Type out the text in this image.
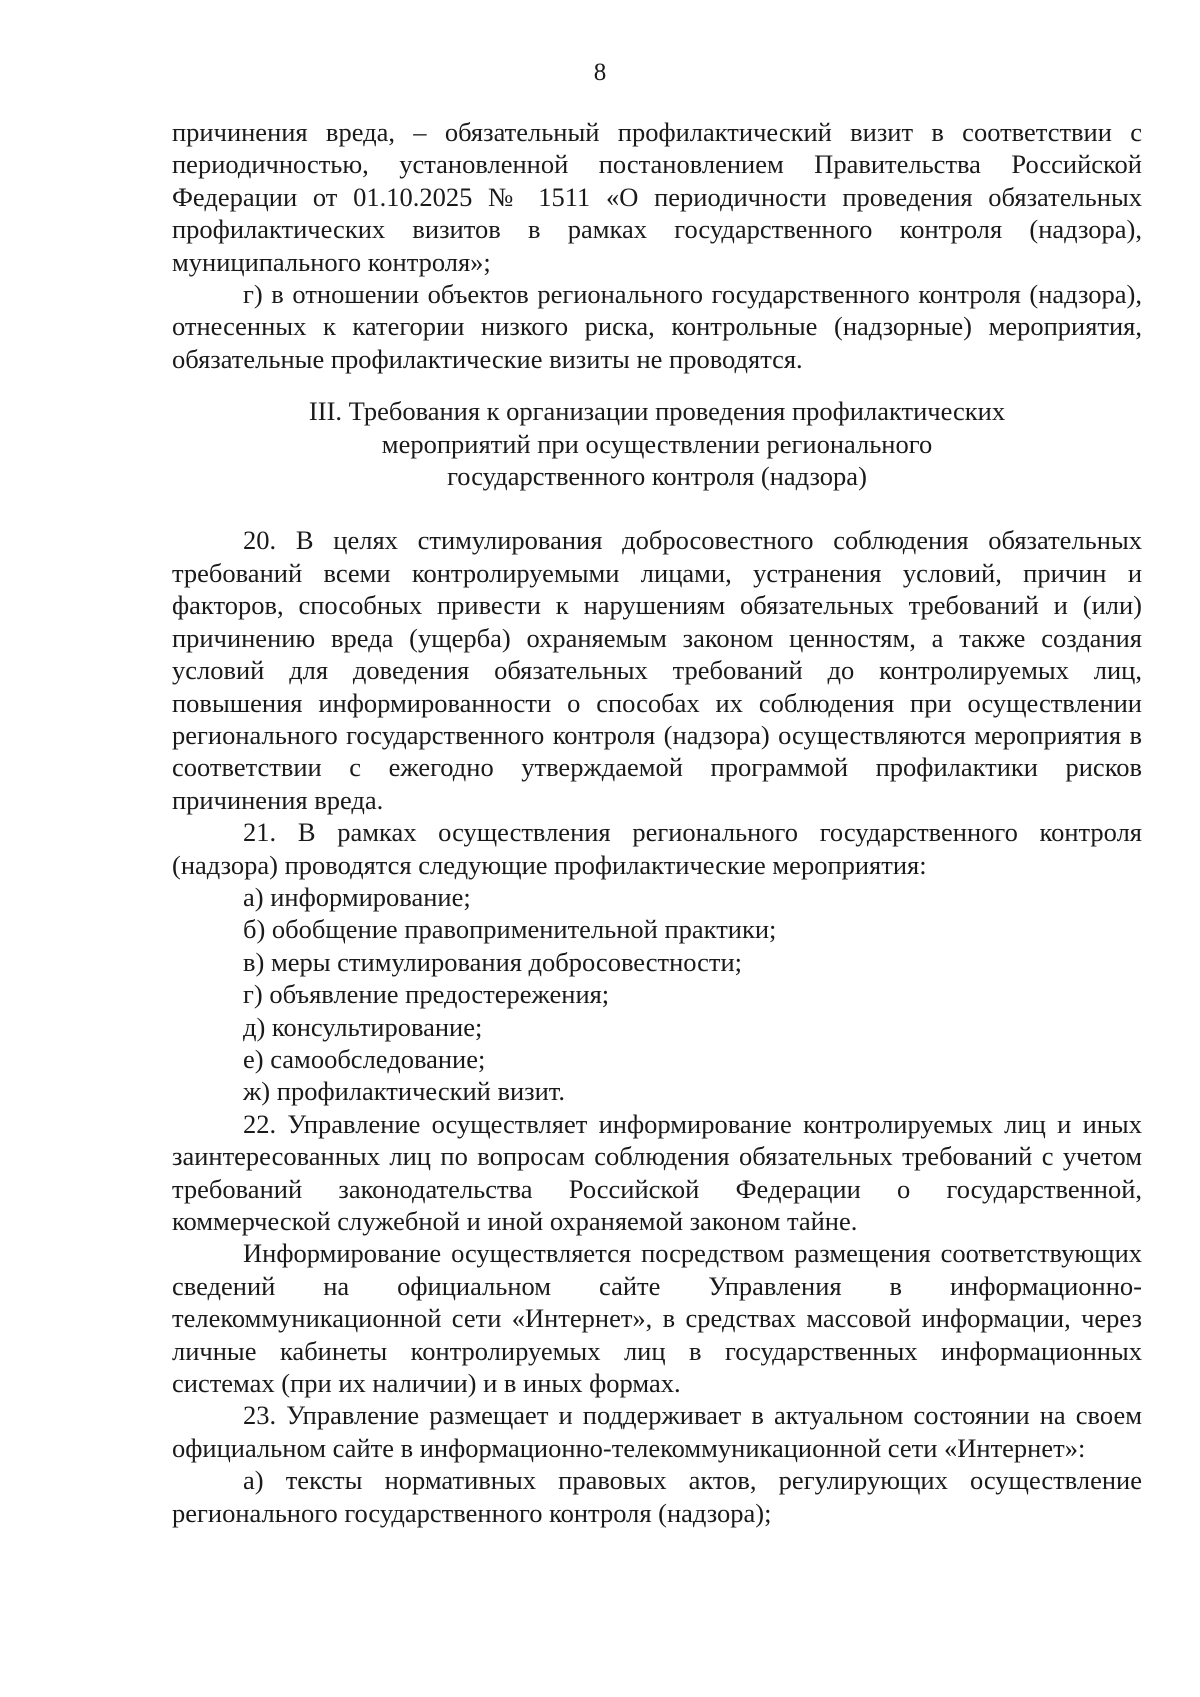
8

причинения вреда, – обязательный профилактический визит в соответствии с периодичностью, установленной постановлением Правительства Российской Федерации от 01.10.2025 № 1511 «О периодичности проведения обязательных профилактических визитов в рамках государственного контроля (надзора), муниципального контроля»;

г) в отношении объектов регионального государственного контроля (надзора), отнесенных к категории низкого риска, контрольные (надзорные) мероприятия, обязательные профилактические визиты не проводятся.

III. Требования к организации проведения профилактических
мероприятий при осуществлении регионального
государственного контроля (надзора)

20. В целях стимулирования добросовестного соблюдения обязательных требований всеми контролируемыми лицами, устранения условий, причин и факторов, способных привести к нарушениям обязательных требований и (или) причинению вреда (ущерба) охраняемым законом ценностям, а также создания условий для доведения обязательных требований до контролируемых лиц, повышения информированности о способах их соблюдения при осуществлении регионального государственного контроля (надзора) осуществляются мероприятия в соответствии с ежегодно утверждаемой программой профилактики рисков причинения вреда.

21. В рамках осуществления регионального государственного контроля (надзора) проводятся следующие профилактические мероприятия:

а) информирование;

б) обобщение правоприменительной практики;

в) меры стимулирования добросовестности;

г) объявление предостережения;

д) консультирование;

е) самообследование;

ж) профилактический визит.

22. Управление осуществляет информирование контролируемых лиц и иных заинтересованных лиц по вопросам соблюдения обязательных требований с учетом требований законодательства Российской Федерации о государственной, коммерческой служебной и иной охраняемой законом тайне.

Информирование осуществляется посредством размещения соответствующих сведений на официальном сайте Управления в информационно-телекоммуникационной сети «Интернет», в средствах массовой информации, через личные кабинеты контролируемых лиц в государственных информационных системах (при их наличии) и в иных формах.

23. Управление размещает и поддерживает в актуальном состоянии на своем официальном сайте в информационно-телекоммуникационной сети «Интернет»:

а) тексты нормативных правовых актов, регулирующих осуществление регионального государственного контроля (надзора);
